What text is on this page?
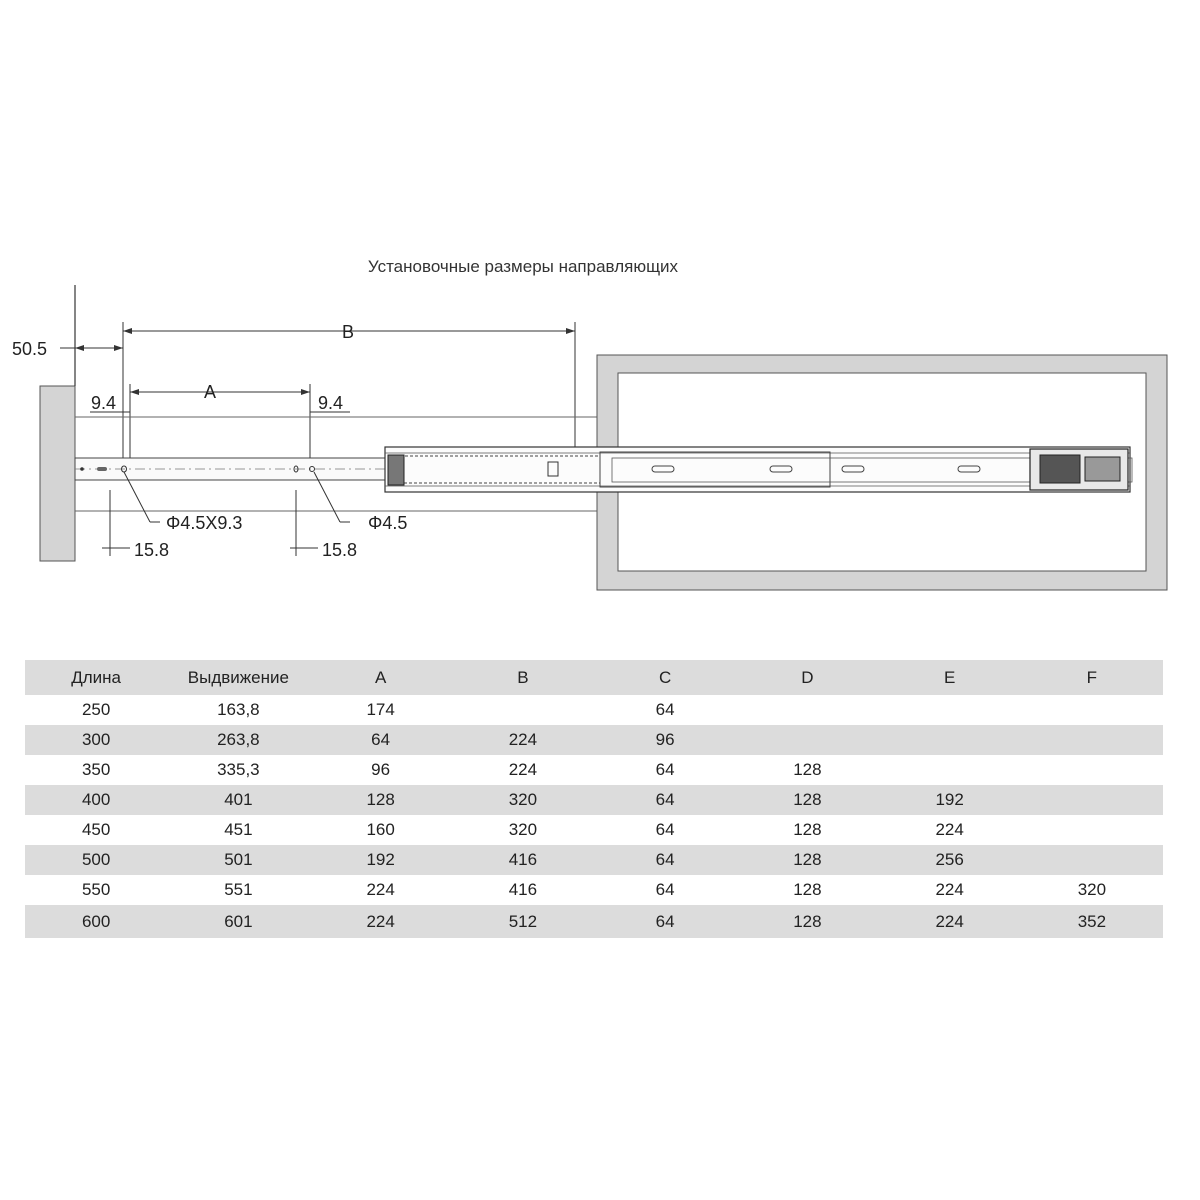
Установочные размеры направляющих
50.5
B
A
9.4	9.4
Φ4.5X9.3	Φ4.5
15.8	15.8
Длина	Выдвижение	A	B	C	D	E	F
250	163,8	174		64			
300	263,8	64	224	96			
350	335,3	96	224	64	128		
400	401	128	320	64	128	192	
450	451	160	320	64	128	224	
500	501	192	416	64	128	256	
550	551	224	416	64	128	224	320
600	601	224	512	64	128	224	352
